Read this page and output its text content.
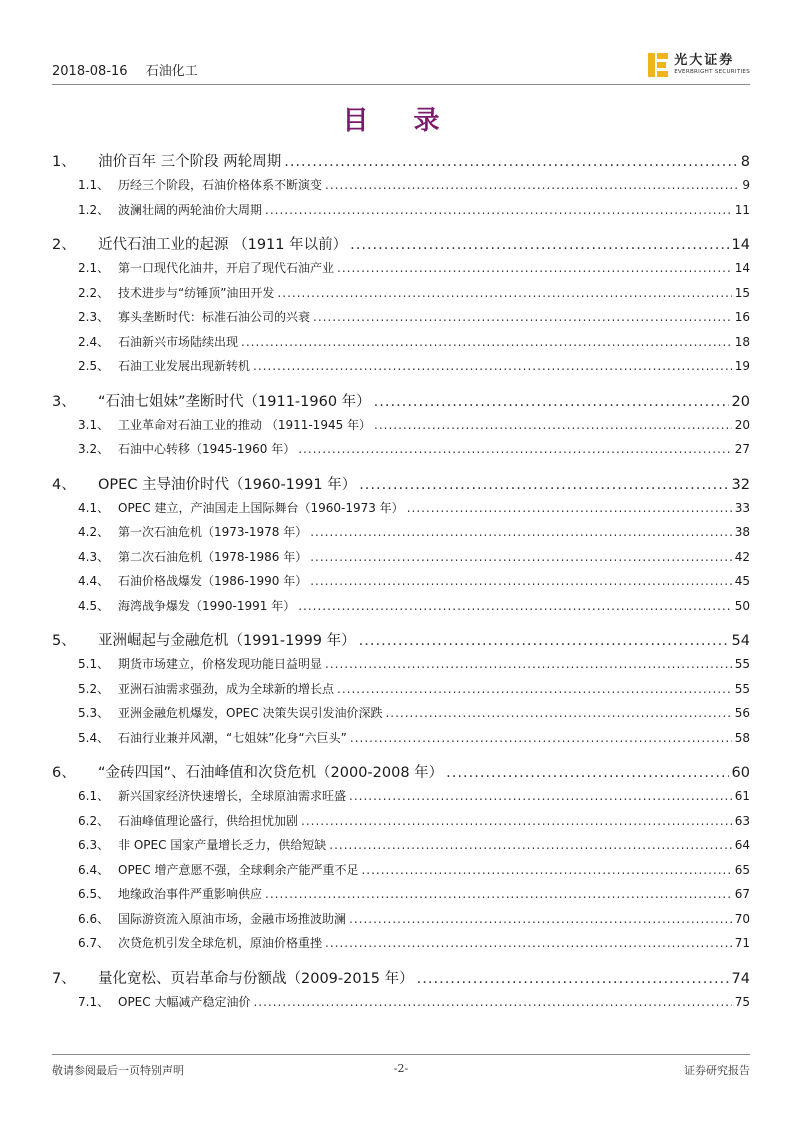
2018-08-16 石油化工
光大证券
EVERBRIGHT SECURITIES
目 录
1、	油价百年 三个阶段 两轮周期 .....	8
1.1、 历经三个阶段，石油价格体系不断演变 .....	9
1.2、 波澜壮阔的两轮油价大周期 .....	11
2、	近代石油工业的起源 （1911 年以前） .....	14
2.1、 第一口现代化油井，开启了现代石油产业 .....	14
2.2、 技术进步与“纺锤顶”油田开发 .....	15
2.3、 寡头垄断时代：标准石油公司的兴衰 .....	16
2.4、 石油新兴市场陆续出现 .....	18
2.5、 石油工业发展出现新转机 .....	19
3、	“石油七姐妹”垄断时代（1911-1960 年） .....	20
3.1、 工业革命对石油工业的推动 （1911-1945 年） .....	20
3.2、 石油中心转移（1945-1960 年） .....	27
4、	OPEC 主导油价时代（1960-1991 年） .....	32
4.1、 OPEC 建立，产油国走上国际舞台（1960-1973 年） .....	33
4.2、 第一次石油危机（1973-1978 年） .....	38
4.3、 第二次石油危机（1978-1986 年） .....	42
4.4、 石油价格战爆发（1986-1990 年） .....	45
4.5、 海湾战争爆发（1990-1991 年） .....	50
5、	亚洲崛起与金融危机（1991-1999 年） .....	54
5.1、 期货市场建立，价格发现功能日益明显 .....	55
5.2、 亚洲石油需求强劲，成为全球新的增长点 .....	55
5.3、 亚洲金融危机爆发，OPEC 决策失误引发油价深跌 .....	56
5.4、 石油行业兼并风潮，“七姐妹”化身“六巨头” .....	58
6、	“金砖四国”、石油峰值和次贷危机（2000-2008 年） .....	60
6.1、 新兴国家经济快速增长，全球原油需求旺盛 .....	61
6.2、 石油峰值理论盛行，供给担忧加剧 .....	63
6.3、 非 OPEC 国家产量增长乏力，供给短缺 .....	64
6.4、 OPEC 增产意愿不强，全球剩余产能严重不足 .....	65
6.5、 地缘政治事件严重影响供应 .....	67
6.6、 国际游资流入原油市场，金融市场推波助澜 .....	70
6.7、 次贷危机引发全球危机，原油价格重挫 .....	71
7、	量化宽松、页岩革命与份额战（2009-2015 年） .....	74
7.1、 OPEC 大幅减产稳定油价 .....	75
敬请参阅最后一页特别声明	-2-	证券研究报告
